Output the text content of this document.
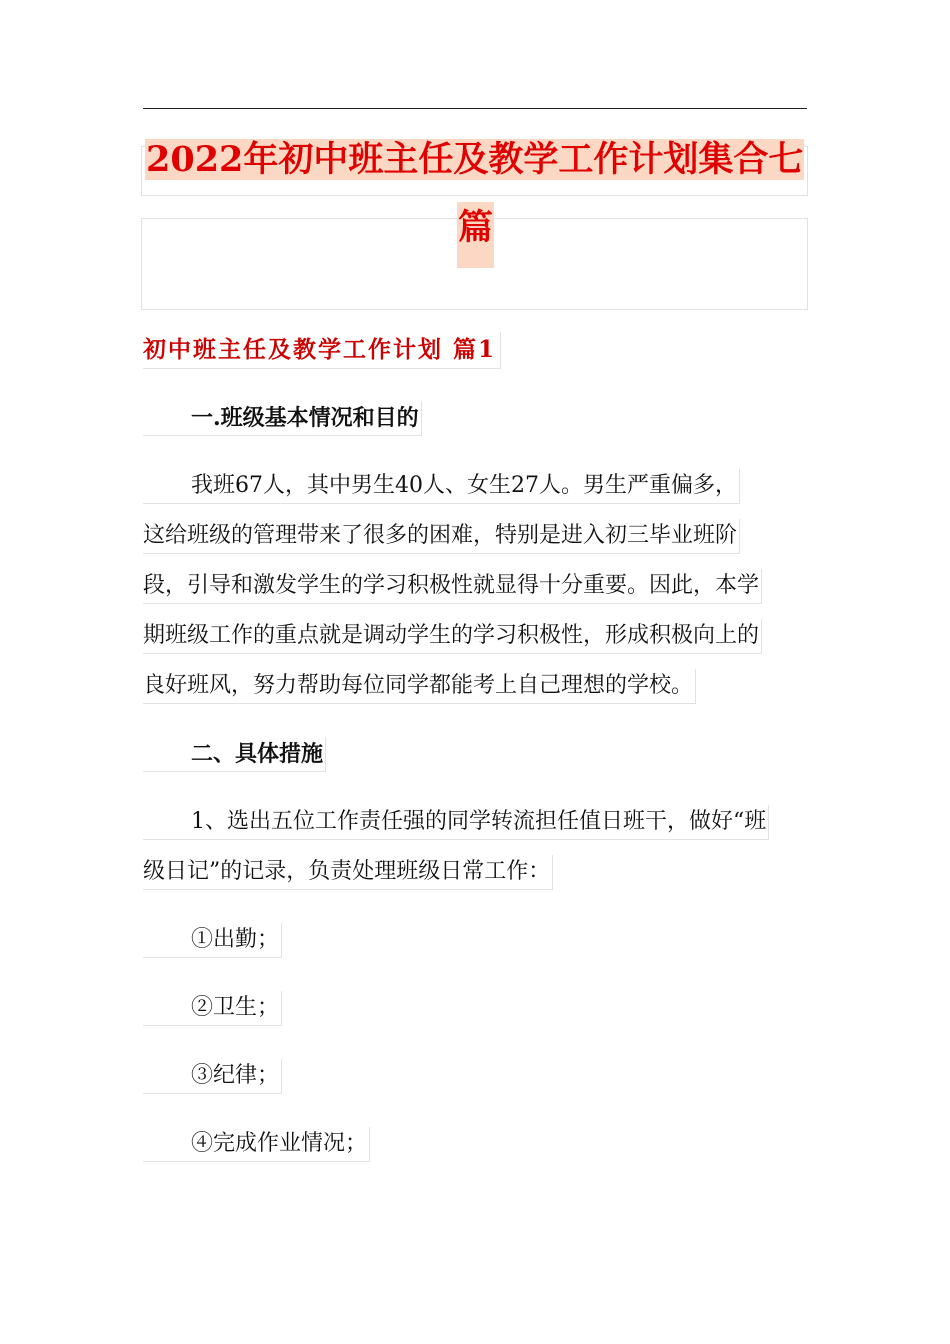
2022年初中班主任及教学工作计划集合七
篇
初中班主任及教学工作计划 篇1
一.班级基本情况和目的
我班67人，其中男生40人、女生27人。男生严重偏多，
这给班级的管理带来了很多的困难，特别是进入初三毕业班阶
段，引导和激发学生的学习积极性就显得十分重要。因此，本学
期班级工作的重点就是调动学生的学习积极性，形成积极向上的
良好班风，努力帮助每位同学都能考上自己理想的学校。
二、具体措施
1、选出五位工作责任强的同学转流担任值日班干，做好“班
级日记”的记录，负责处理班级日常工作：
①出勤；
②卫生；
③纪律；
④完成作业情况；
